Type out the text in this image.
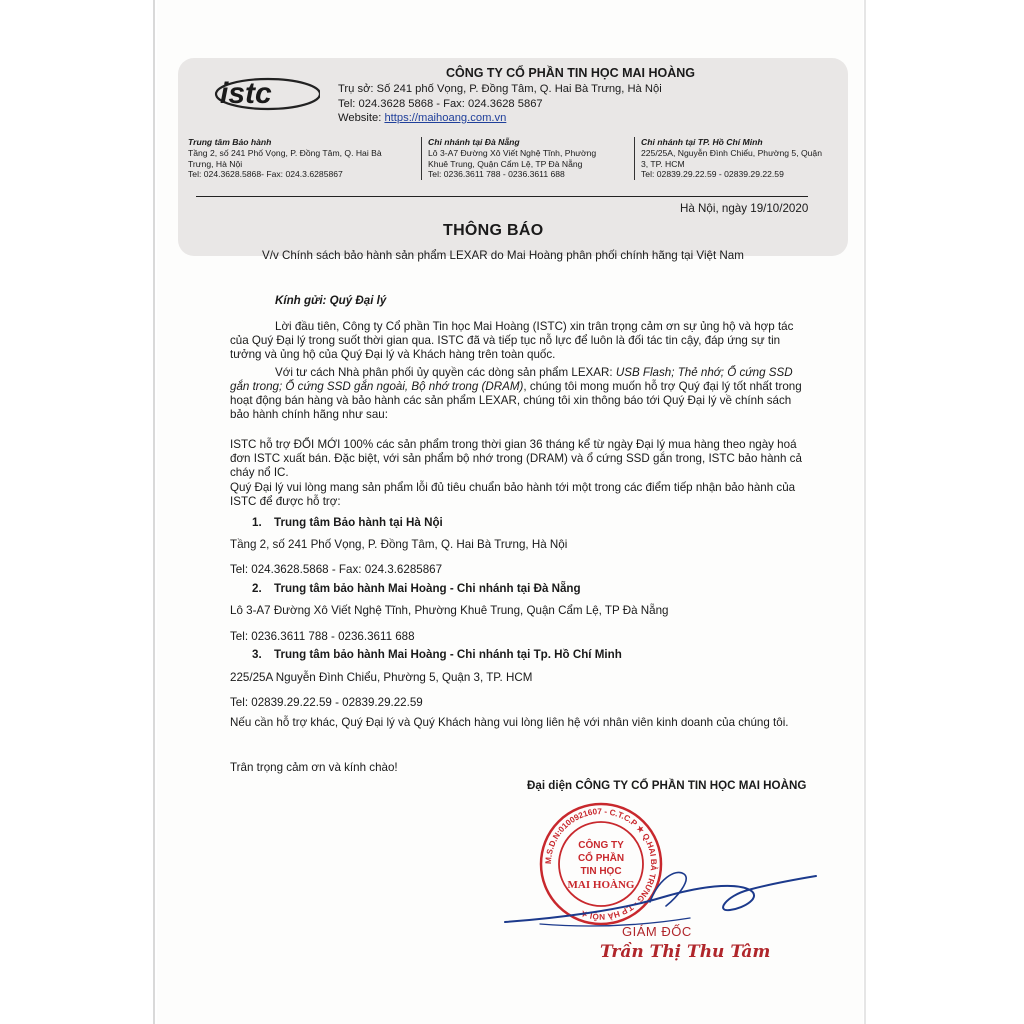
istc
CÔNG TY CỔ PHẦN TIN HỌC MAI HOÀNG
Trụ sở: Số 241 phố Vọng, P. Đồng Tâm, Q. Hai Bà Trưng, Hà Nội
Tel: 024.3628 5868 - Fax: 024.3628 5867
Website: https://maihoang.com.vn
Trung tâm Bảo hành
Tầng 2, số 241 Phố Vọng, P. Đồng Tâm, Q. Hai Bà
Trưng, Hà Nội
Tel: 024.3628.5868- Fax: 024.3.6285867
Chi nhánh tại Đà Nẵng
Lô 3-A7 Đường Xô Viết Nghệ Tĩnh, Phường
Khuê Trung, Quận Cẩm Lệ, TP Đà Nẵng
Tel: 0236.3611 788 - 0236.3611 688
Chi nhánh tại TP. Hồ Chí Minh
225/25A, Nguyễn Đình Chiểu, Phường 5, Quận
3, TP. HCM
Tel: 02839.29.22.59 - 02839.29.22.59
Hà Nội, ngày 19/10/2020
THÔNG BÁO
V/v Chính sách bảo hành sản phẩm LEXAR do Mai Hoàng phân phối chính hãng tại Việt Nam
Kính gửi: Quý Đại lý
Lời đầu tiên, Công ty Cổ phần Tin học Mai Hoàng (ISTC) xin trân trọng cảm ơn sự ủng hộ và hợp tác của Quý Đại lý trong suốt thời gian qua. ISTC đã và tiếp tục nỗ lực để luôn là đối tác tin cậy, đáp ứng sự tin tưởng và ủng hộ của Quý Đại lý và Khách hàng trên toàn quốc.
Với tư cách Nhà phân phối ủy quyền các dòng sản phẩm LEXAR: USB Flash; Thẻ nhớ; Ổ cứng SSD gắn trong; Ổ cứng SSD gắn ngoài, Bộ nhớ trong (DRAM), chúng tôi mong muốn hỗ trợ Quý đại lý tốt nhất trong hoạt động bán hàng và bảo hành các sản phẩm LEXAR, chúng tôi xin thông báo tới Quý Đại lý về chính sách bảo hành chính hãng như sau:
ISTC hỗ trợ ĐỔI MỚI 100% các sản phẩm trong thời gian 36 tháng kể từ ngày Đại lý mua hàng theo ngày hoá đơn ISTC xuất bán. Đặc biệt, với sản phẩm bộ nhớ trong (DRAM) và ổ cứng SSD gắn trong, ISTC bảo hành cả cháy nổ IC.
Quý Đại lý vui lòng mang sản phẩm lỗi đủ tiêu chuẩn bảo hành tới một trong các điểm tiếp nhận bảo hành của ISTC để được hỗ trợ:
1. Trung tâm Bảo hành tại Hà Nội
Tầng 2, số 241 Phố Vọng, P. Đồng Tâm, Q. Hai Bà Trưng, Hà Nội
Tel: 024.3628.5868 - Fax: 024.3.6285867
2. Trung tâm bảo hành Mai Hoàng - Chi nhánh tại Đà Nẵng
Lô 3-A7 Đường Xô Viết Nghệ Tĩnh, Phường Khuê Trung, Quận Cẩm Lệ, TP Đà Nẵng
Tel: 0236.3611 788 - 0236.3611 688
3. Trung tâm bảo hành Mai Hoàng - Chi nhánh tại Tp. Hồ Chí Minh
225/25A Nguyễn Đình Chiểu, Phường 5, Quận 3, TP. HCM
Tel: 02839.29.22.59 - 02839.29.22.59
Nếu cần hỗ trợ khác, Quý Đại lý và Quý Khách hàng vui lòng liên hệ với nhân viên kinh doanh của chúng tôi.
Trân trọng cảm ơn và kính chào!
Đại diện CÔNG TY CỔ PHẦN TIN HỌC MAI HOÀNG
M.S.D.N:0100921607 - C.T.C.P ★ Q.HAI BÀ TRƯNG - T.P HÀ NỘI ★
CÔNG TY
CỔ PHẦN
TIN HỌC
MAI HOÀNG
GIÁM ĐỐC
Trần Thị Thu Tâm
